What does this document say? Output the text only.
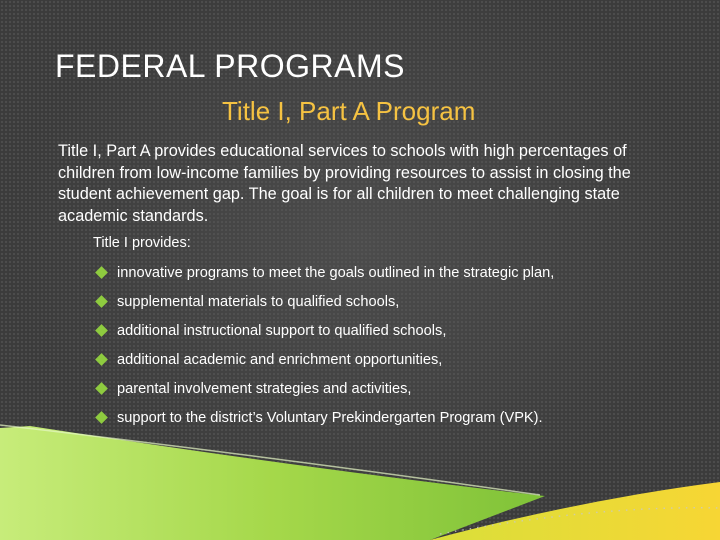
FEDERAL PROGRAMS
Title I, Part A Program
Title I, Part A provides educational services to schools with high percentages of children from low-income families by providing resources to assist in closing the student achievement gap. The goal is for all children to meet challenging state academic standards.
Title I provides:
innovative programs to meet the goals outlined in the strategic plan,
supplemental materials to qualified schools,
additional instructional support to qualified schools,
additional academic and enrichment opportunities,
parental involvement strategies and activities,
support to the district’s Voluntary Prekindergarten Program (VPK).
